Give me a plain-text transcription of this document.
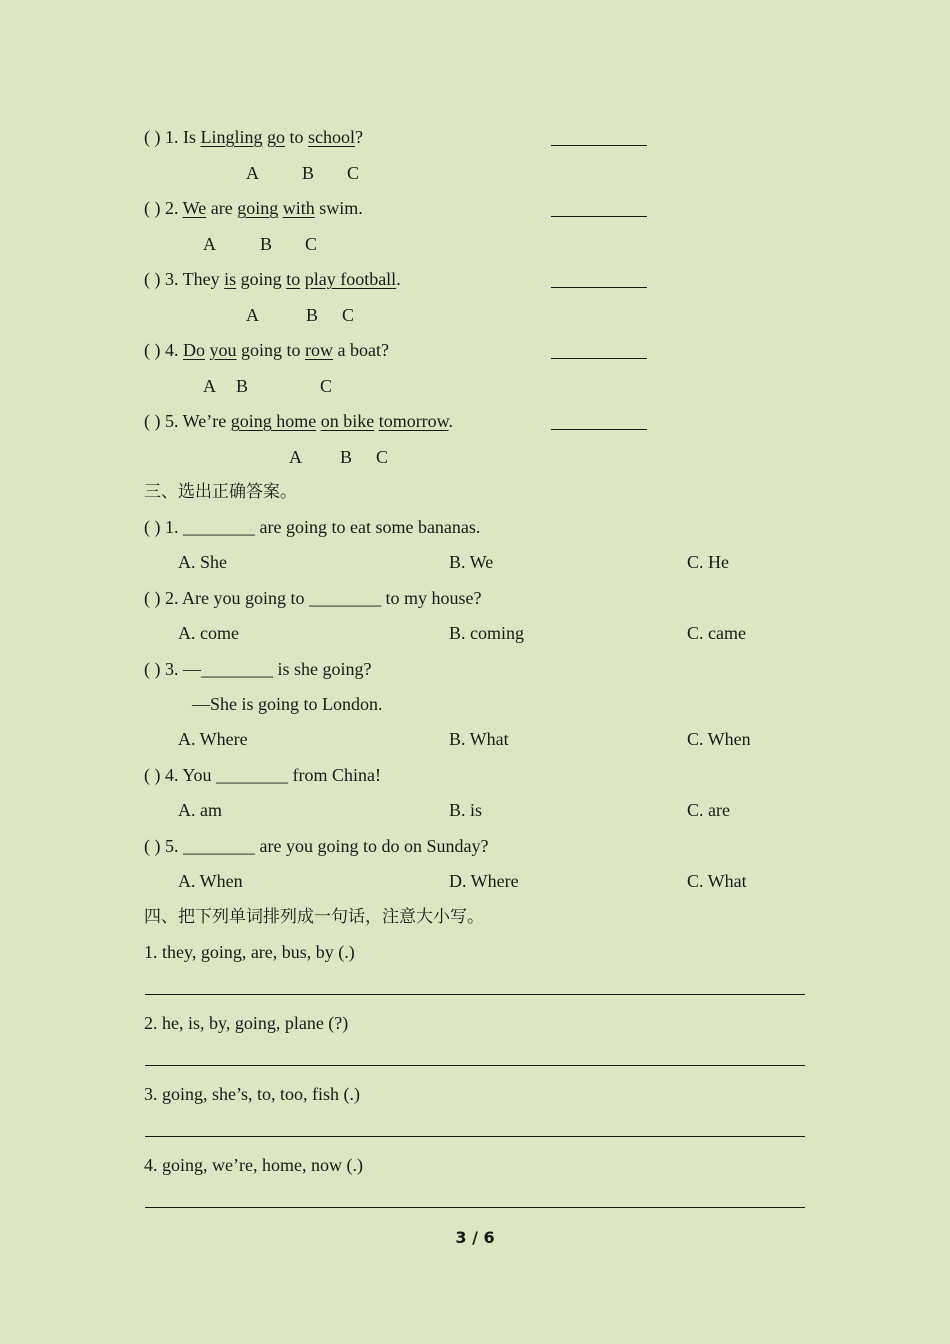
( ) 1. Is Lingling go to school?
A B C
( ) 2. We are going with swim.
A B C
( ) 3. They is going to play football.
A	B C
( ) 4. Do you going to row a boat?
A B	C
( ) 5. We’re going home on bike tomorrow.
A B C
三、选出正确答案。
( ) 1. ________ are going to eat some bananas.
A. She	B. We	C. He
( ) 2. Are you going to ________ to my house?
A. come	B. coming	C. came
( ) 3. —________ is she going?
—She is going to London.
A. Where	B. What	C. When
( ) 4. You ________ from China!
A. am	B. is	C. are
( ) 5. ________ are you going to do on Sunday?
A. When	D. Where	C. What
四、把下列单词排列成一句话，注意大小写。
1. they, going, are, bus, by (.)
2. he, is, by, going, plane (?)
3. going, she’s, to, too, fish (.)
4. going, we’re, home, now (.)
3 / 6
